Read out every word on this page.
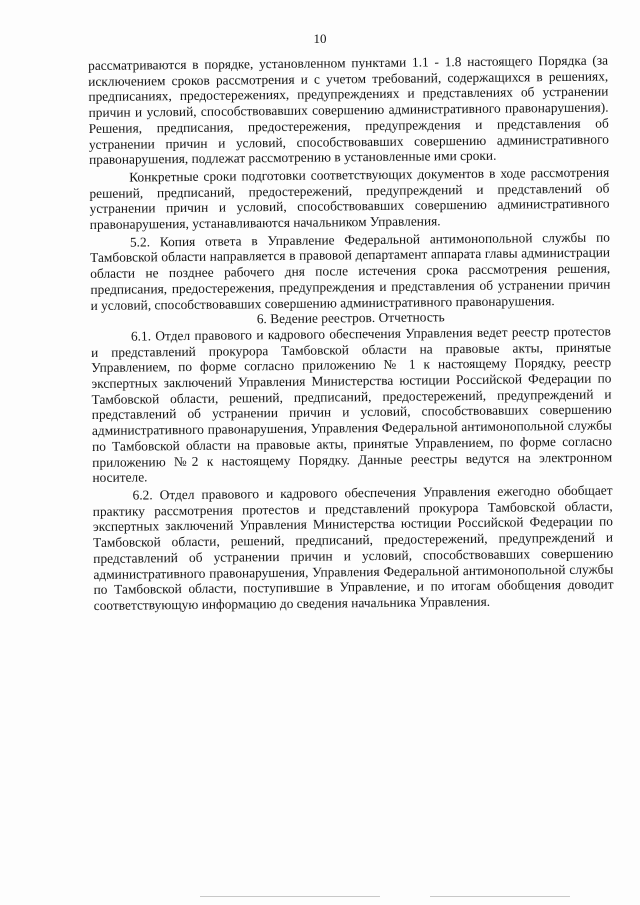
10

рассматриваются в порядке, установленном пунктами 1.1 - 1.8 настоящего Порядка (за исключением сроков рассмотрения и с учетом требований, содержащихся в решениях, предписаниях, предостережениях, предупреждениях и представлениях об устранении причин и условий, способствовавших совершению административного правонарушения). Решения, предписания, предостережения, предупреждения и представления об устранении причин и условий, способствовавших совершению административного правонарушения, подлежат рассмотрению в установленные ими сроки.

Конкретные сроки подготовки соответствующих документов в ходе рассмотрения решений, предписаний, предостережений, предупреждений и представлений об устранении причин и условий, способствовавших совершению административного правонарушения, устанавливаются начальником Управления.

5.2. Копия ответа в Управление Федеральной антимонопольной службы по Тамбовской области направляется в правовой департамент аппарата главы администрации области не позднее рабочего дня после истечения срока рассмотрения решения, предписания, предостережения, предупреждения и представления об устранении причин и условий, способствовавших совершению административного правонарушения.

6. Ведение реестров. Отчетность

6.1. Отдел правового и кадрового обеспечения Управления ведет реестр протестов и представлений прокурора Тамбовской области на правовые акты, принятые Управлением, по форме согласно приложению № 1 к настоящему Порядку, реестр экспертных заключений Управления Министерства юстиции Российской Федерации по Тамбовской области, решений, предписаний, предостережений, предупреждений и представлений об устранении причин и условий, способствовавших совершению административного правонарушения, Управления Федеральной антимонопольной службы по Тамбовской области на правовые акты, принятые Управлением, по форме согласно приложению №2 к настоящему Порядку. Данные реестры ведутся на электронном носителе.

6.2. Отдел правового и кадрового обеспечения Управления ежегодно обобщает практику рассмотрения протестов и представлений прокурора Тамбовской области, экспертных заключений Управления Министерства юстиции Российской Федерации по Тамбовской области, решений, предписаний, предостережений, предупреждений и представлений об устранении причин и условий, способствовавших совершению административного правонарушения, Управления Федеральной антимонопольной службы по Тамбовской области, поступившие в Управление, и по итогам обобщения доводит соответствующую информацию до сведения начальника Управления.
